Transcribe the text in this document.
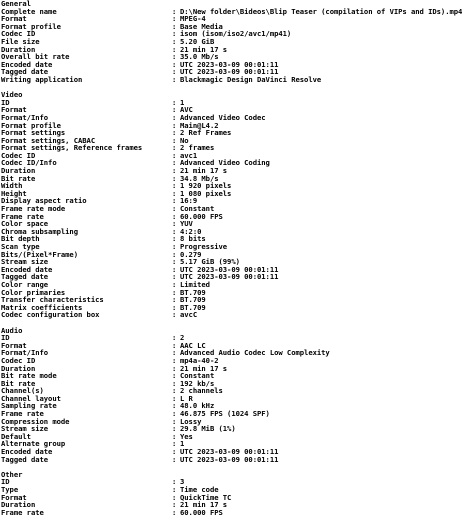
General
Complete name	: D:\New folder\Bideos\Blip Teaser (compilation of VIPs and IDs).mp4
Format	: MPEG-4
Format profile	: Base Media
Codec ID	: isom (isom/iso2/avc1/mp41)
File size	: 5.20 GiB
Duration	: 21 min 17 s
Overall bit rate	: 35.0 Mb/s
Encoded date	: UTC 2023-03-09 00:01:11
Tagged date	: UTC 2023-03-09 00:01:11
Writing application	: Blackmagic Design DaVinci Resolve
Video
ID	: 1
Format	: AVC
Format/Info	: Advanced Video Codec
Format profile	: Main@L4.2
Format settings	: 2 Ref Frames
Format settings, CABAC	: No
Format settings, Reference frames	: 2 frames
Codec ID	: avc1
Codec ID/Info	: Advanced Video Coding
Duration	: 21 min 17 s
Bit rate	: 34.8 Mb/s
Width	: 1 920 pixels
Height	: 1 080 pixels
Display aspect ratio	: 16:9
Frame rate mode	: Constant
Frame rate	: 60.000 FPS
Color space	: YUV
Chroma subsampling	: 4:2:0
Bit depth	: 8 bits
Scan type	: Progressive
Bits/(Pixel*Frame)	: 0.279
Stream size	: 5.17 GiB (99%)
Encoded date	: UTC 2023-03-09 00:01:11
Tagged date	: UTC 2023-03-09 00:01:11
Color range	: Limited
Color primaries	: BT.709
Transfer characteristics	: BT.709
Matrix coefficients	: BT.709
Codec configuration box	: avcC
Audio
ID	: 2
Format	: AAC LC
Format/Info	: Advanced Audio Codec Low Complexity
Codec ID	: mp4a-40-2
Duration	: 21 min 17 s
Bit rate mode	: Constant
Bit rate	: 192 kb/s
Channel(s)	: 2 channels
Channel layout	: L R
Sampling rate	: 48.0 kHz
Frame rate	: 46.875 FPS (1024 SPF)
Compression mode	: Lossy
Stream size	: 29.8 MiB (1%)
Default	: Yes
Alternate group	: 1
Encoded date	: UTC 2023-03-09 00:01:11
Tagged date	: UTC 2023-03-09 00:01:11
Other
ID	: 3
Type	: Time code
Format	: QuickTime TC
Duration	: 21 min 17 s
Frame rate	: 60.000 FPS
